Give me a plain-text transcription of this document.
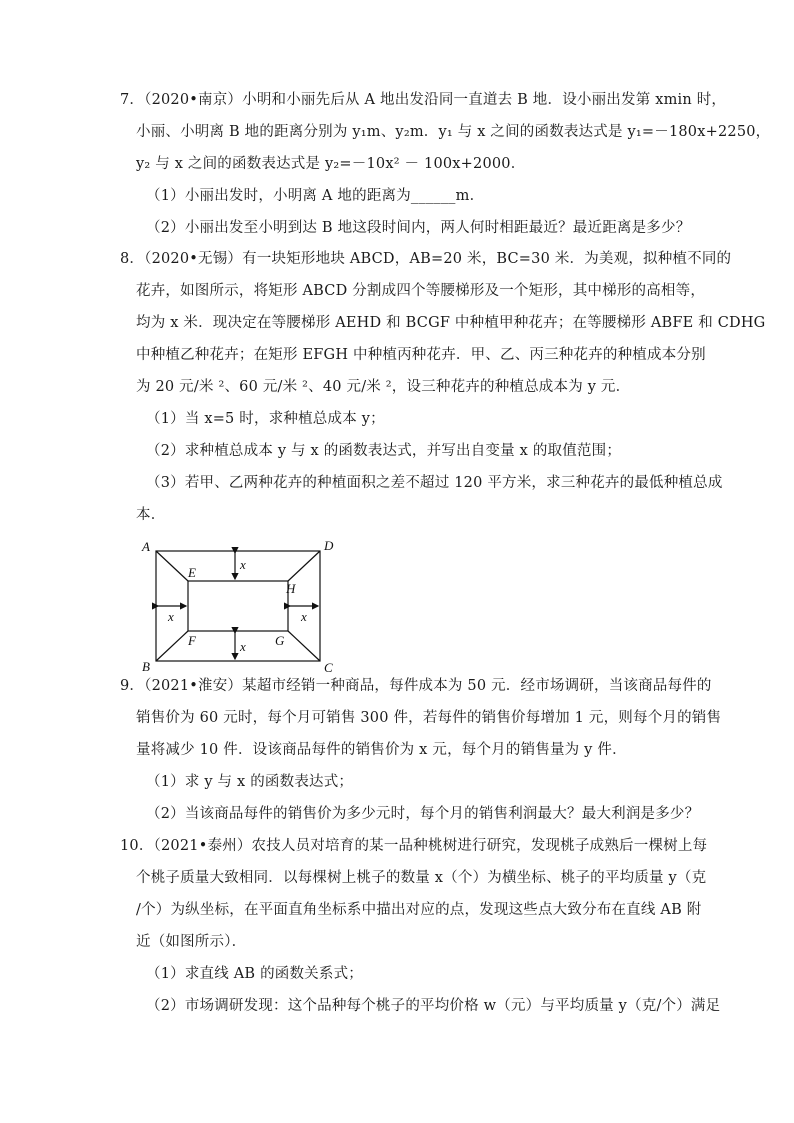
7．（2020•南京）小明和小丽先后从 A 地出发沿同一直道去 B 地．设小丽出发第 xmin 时，
小丽、小明离 B 地的距离分别为 y₁m、y₂m．y₁ 与 x 之间的函数表达式是 y₁=－180x+2250，
y₂ 与 x 之间的函数表达式是 y₂=－10x² － 100x+2000．
（1）小丽出发时，小明离 A 地的距离为______m．
（2）小丽出发至小明到达 B 地这段时间内，两人何时相距最近？最近距离是多少？
8．（2020•无锡）有一块矩形地块 ABCD，AB=20 米，BC=30 米．为美观，拟种植不同的
花卉，如图所示，将矩形 ABCD 分割成四个等腰梯形及一个矩形，其中梯形的高相等，
均为 x 米．现决定在等腰梯形 AEHD 和 BCGF 中种植甲种花卉；在等腰梯形 ABFE 和 CDHG
中种植乙种花卉；在矩形 EFGH 中种植丙种花卉．甲、乙、丙三种花卉的种植成本分别
为 20 元/米 ²、60 元/米 ²、40 元/米 ²，设三种花卉的种植总成本为 y 元．
（1）当 x=5 时，求种植总成本 y；
（2）求种植总成本 y 与 x 的函数表达式，并写出自变量 x 的取值范围；
（3）若甲、乙两种花卉的种植面积之差不超过 120 平方米，求三种花卉的最低种植总成
本．
9．（2021•淮安）某超市经销一种商品，每件成本为 50 元．经市场调研，当该商品每件的
销售价为 60 元时，每个月可销售 300 件，若每件的销售价每增加 1 元，则每个月的销售
量将减少 10 件．设该商品每件的销售价为 x 元，每个月的销售量为 y 件．
（1）求 y 与 x 的函数表达式；
（2）当该商品每件的销售价为多少元时，每个月的销售利润最大？最大利润是多少？
10．（2021•泰州）农技人员对培育的某一品种桃树进行研究，发现桃子成熟后一棵树上每
个桃子质量大致相同．以每棵树上桃子的数量 x（个）为横坐标、桃子的平均质量 y（克
/个）为纵坐标，在平面直角坐标系中描出对应的点，发现这些点大致分布在直线 AB 附
近（如图所示）．
（1）求直线 AB 的函数关系式；
（2）市场调研发现：这个品种每个桃子的平均价格 w（元）与平均质量 y（克/个）满足
A	D
B	C
E
H
F	G
x
x
x	x
